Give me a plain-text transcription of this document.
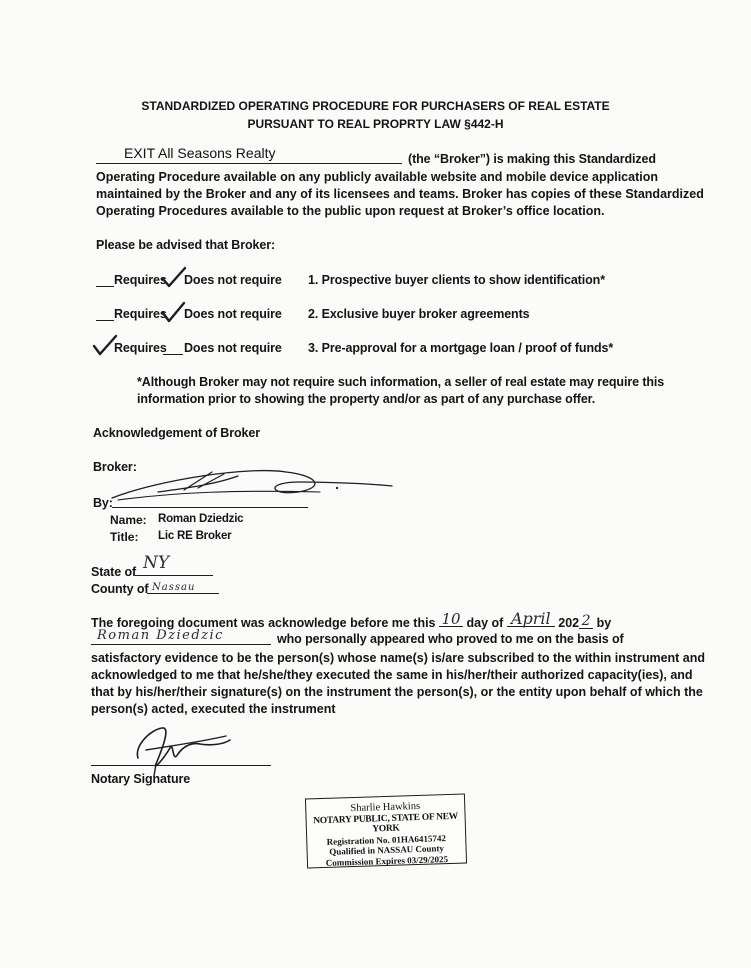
STANDARDIZED OPERATING PROCEDURE FOR PURCHASERS OF REAL ESTATE
PURSUANT TO REAL PROPRTY LAW §442-H
EXIT All Seasons Realty	(the “Broker”) is making this Standardized
Operating Procedure available on any publicly available website and mobile device application
maintained by the Broker and any of its licensees and teams. Broker has copies of these Standardized
Operating Procedures available to the public upon request at Broker’s office location.
Please be advised that Broker:
Requires Does not require 1. Prospective buyer clients to show identification*
Requires Does not require 2. Exclusive buyer broker agreements
Requires Does not require 3. Pre-approval for a mortgage loan / proof of funds*
*Although Broker may not require such information, a seller of real estate may require this
information prior to showing the property and/or as part of any purchase offer.
Acknowledgement of Broker
Broker:
By:
Name: Roman Dziedzic
Title: Lic RE Broker
State of NY
County of Nassau
The foregoing document was acknowledge before me this 10 day of April 202 2 by
Roman Dziedzic	who personally appeared who proved to me on the basis of
satisfactory evidence to be the person(s) whose name(s) is/are subscribed to the within instrument and
acknowledged to me that he/she/they executed the same in his/her/their authorized capacity(ies), and
that by his/her/their signature(s) on the instrument the person(s), or the entity upon behalf of which the
person(s) acted, executed the instrument
Notary Signature
Sharlie Hawkins
NOTARY PUBLIC, STATE OF NEW YORK
Registration No. 01HA6415742
Qualified in NASSAU County
Commission Expires 03/29/2025
